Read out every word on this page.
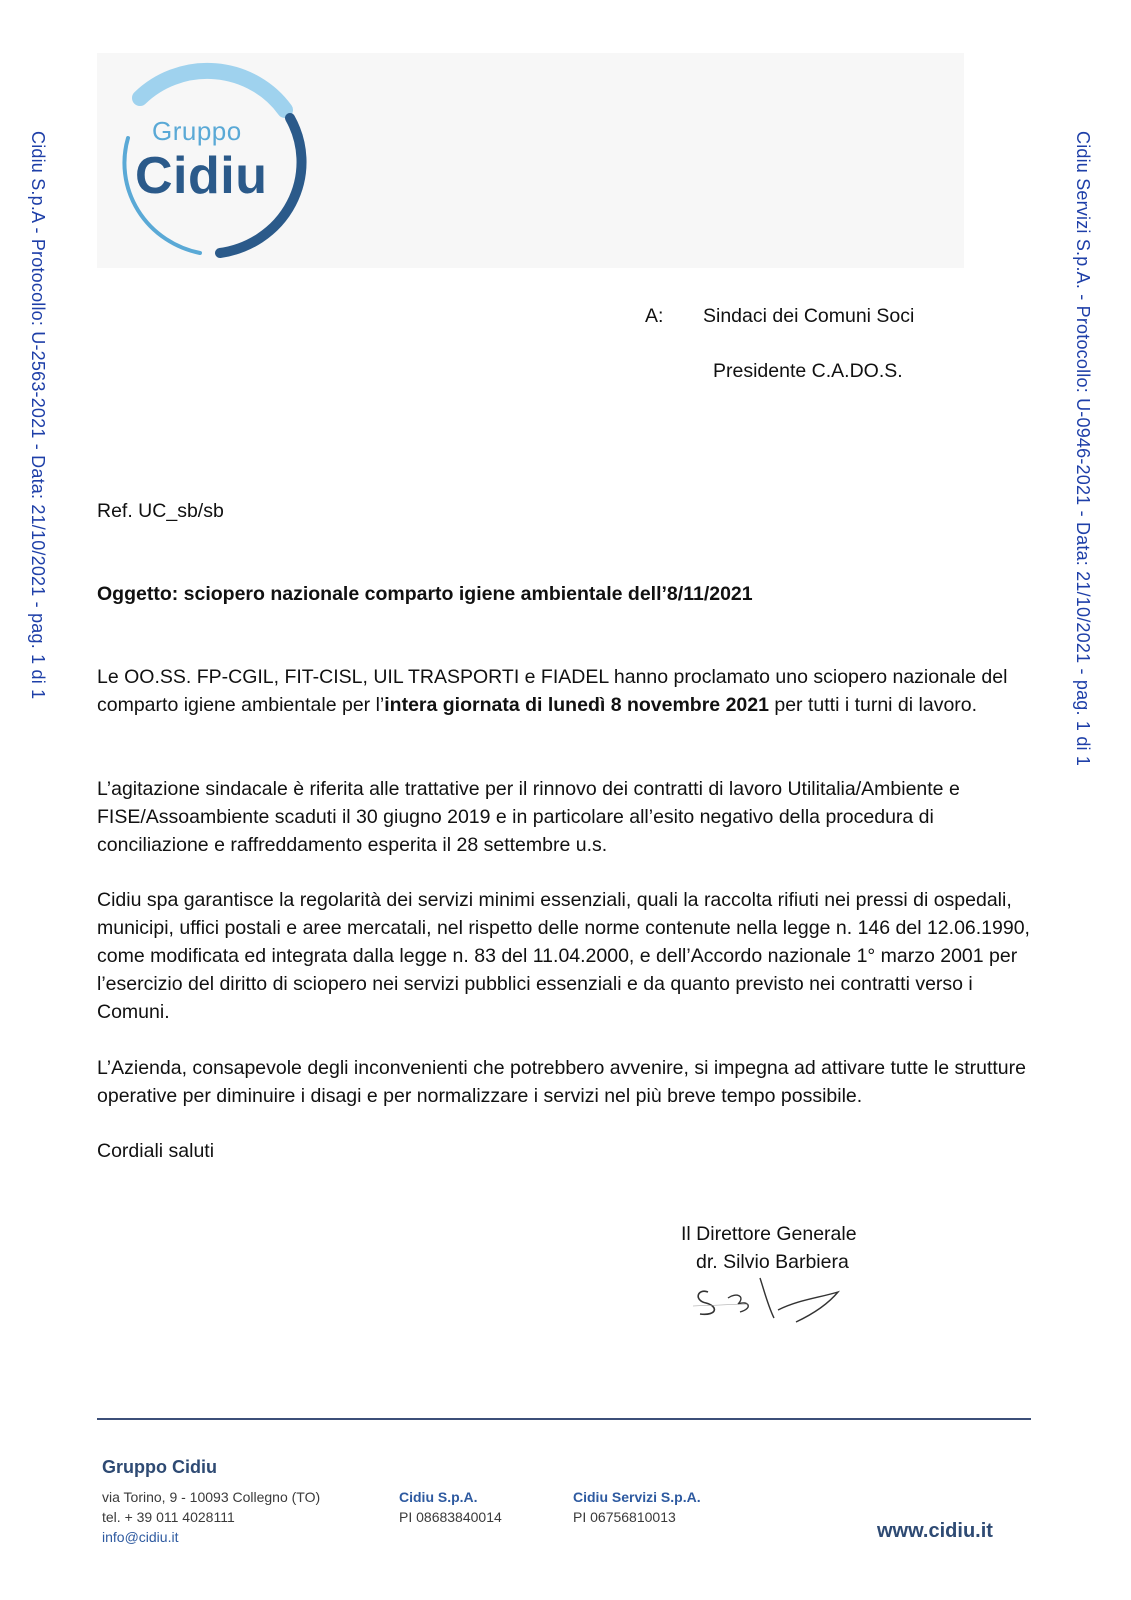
Gruppo
Cidiu
Cidiu S.p.A - Protocollo: U-2563-2021 - Data: 21/10/2021 - pag. 1 di 1	Cidiu Servizi S.p.A. - Protocollo: U-0946-2021 - Data: 21/10/2021 - pag. 1 di 1
A: Sindaci dei Comuni Soci
Presidente C.A.DO.S.
Ref. UC_sb/sb
Oggetto: sciopero nazionale comparto igiene ambientale dell’8/11/2021
Le OO.SS. FP-CGIL, FIT-CISL, UIL TRASPORTI e FIADEL hanno proclamato uno sciopero nazionale del comparto igiene ambientale per l’intera giornata di lunedì 8 novembre 2021 per tutti i turni di lavoro.
L’agitazione sindacale è riferita alle trattative per il rinnovo dei contratti di lavoro Utilitalia/Ambiente e FISE/Assoambiente scaduti il 30 giugno 2019 e in particolare all’esito negativo della procedura di conciliazione e raffreddamento esperita il 28 settembre u.s.
Cidiu spa garantisce la regolarità dei servizi minimi essenziali, quali la raccolta rifiuti nei pressi di ospedali, municipi, uffici postali e aree mercatali, nel rispetto delle norme contenute nella legge n. 146 del 12.06.1990, come modificata ed integrata dalla legge n. 83 del 11.04.2000, e dell’Accordo nazionale 1° marzo 2001 per l’esercizio del diritto di sciopero nei servizi pubblici essenziali e da quanto previsto nei contratti verso i Comuni.
L’Azienda, consapevole degli inconvenienti che potrebbero avvenire, si impegna ad attivare tutte le strutture operative per diminuire i disagi e per normalizzare i servizi nel più breve tempo possibile.
Cordiali saluti
Il Direttore Generale
dr. Silvio Barbiera
Gruppo Cidiu
via Torino, 9 - 10093 Collegno (TO)
tel. + 39 011 4028111
info@cidiu.it
Cidiu S.p.A.
PI 08683840014
Cidiu Servizi S.p.A.
PI 06756810013
www.cidiu.it
